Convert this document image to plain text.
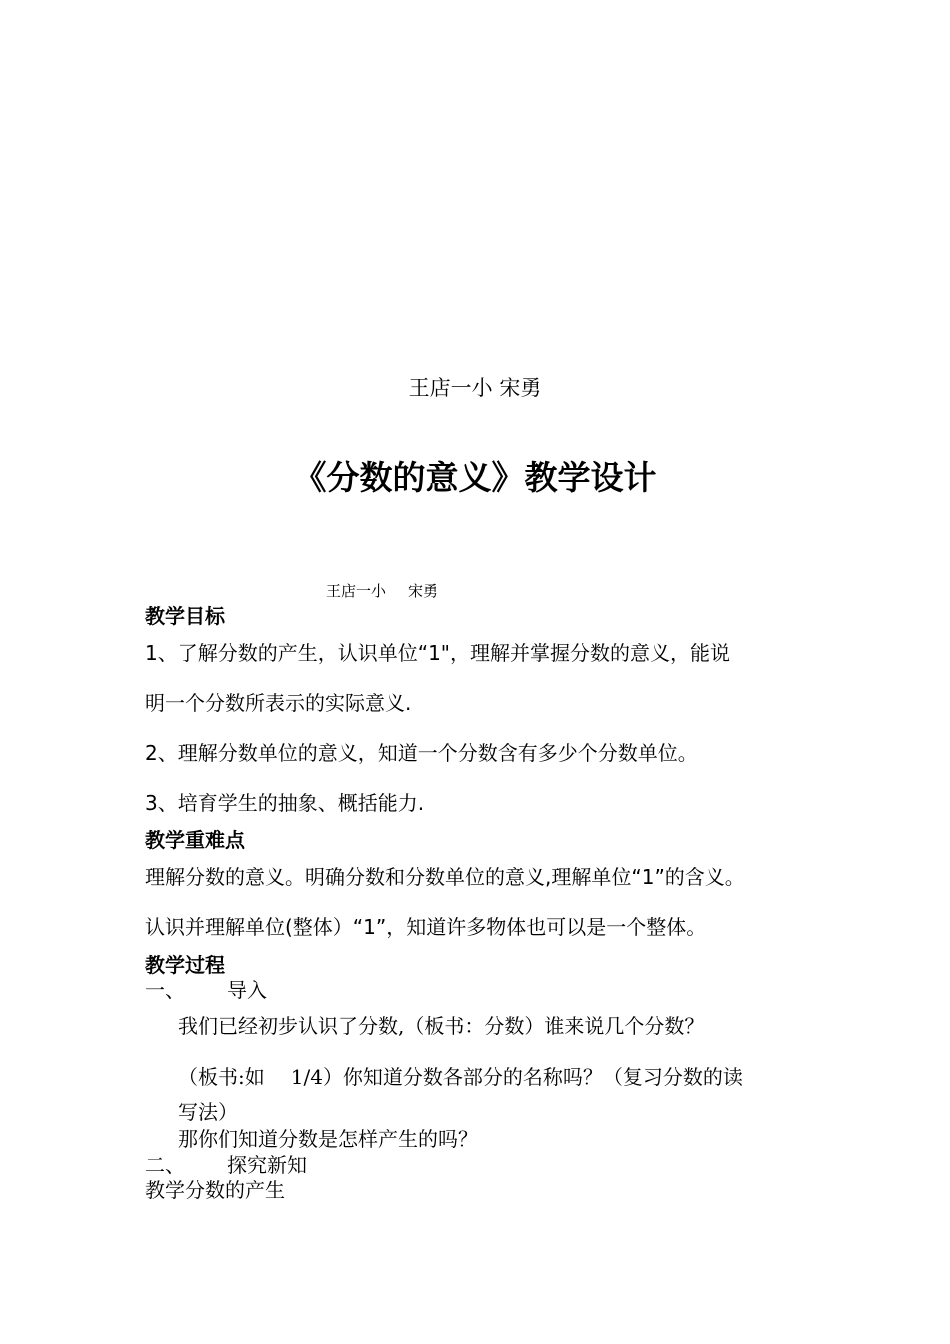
王店一小 宋勇
《分数的意义》教学设计
王店一小 宋勇
教学目标
1、了解分数的产生，认识单位“1"，理解并掌握分数的意义，能说
明一个分数所表示的实际意义.
2、理解分数单位的意义，知道一个分数含有多少个分数单位。
3、培育学生的抽象、概括能力.
教学重难点
理解分数的意义。明确分数和分数单位的意义,理解单位“1”的含义。
认识并理解单位(整体）“1”，知道许多物体也可以是一个整体。
教学过程
一、 导入
我们已经初步认识了分数,（板书：分数）谁来说几个分数？
（板书:如 1/4）你知道分数各部分的名称吗？（复习分数的读
写法）
那你们知道分数是怎样产生的吗？
二、 探究新知
教学分数的产生
